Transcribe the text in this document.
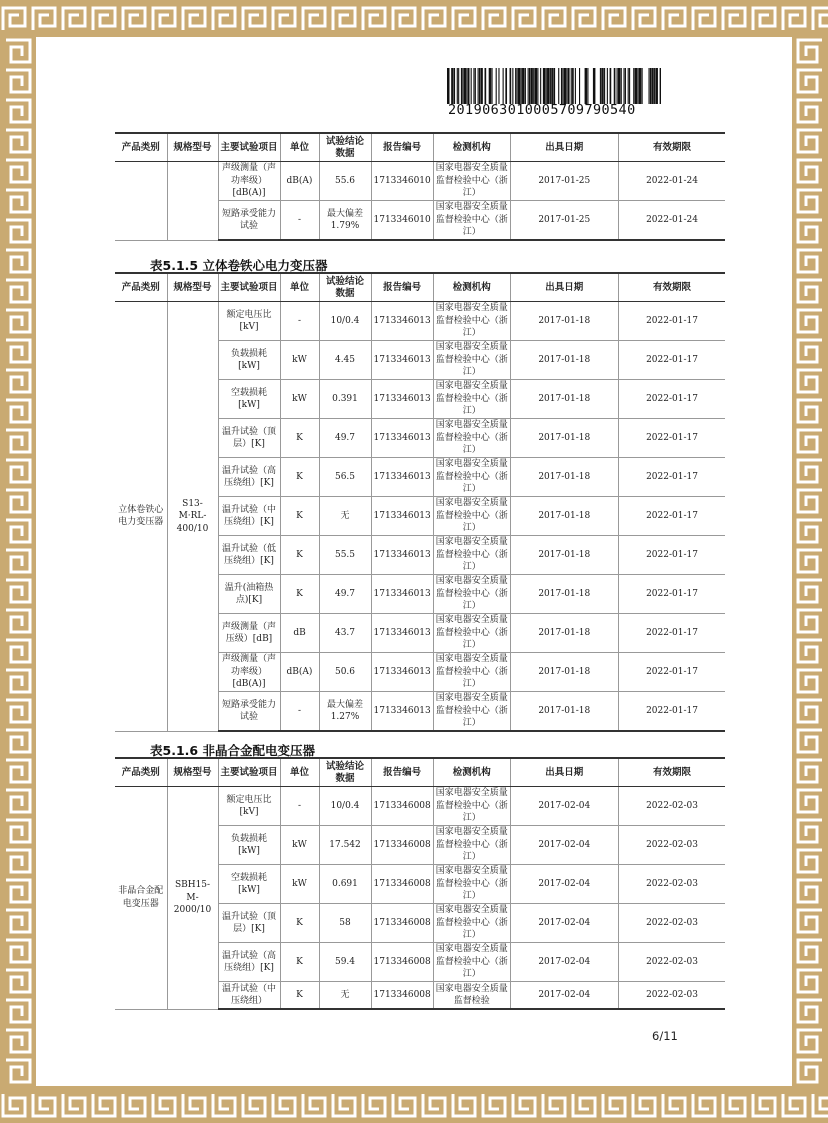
2019063010005709790540
产品类别	规格型号	主要试验项目	单位	试验结论数据	报告编号	检测机构	出具日期	有效期限
		声级测量（声功率级）[dB(A)]	dB(A)	55.6	1713346010	国家电器安全质量监督检验中心（浙江）	2017-01-25	2022-01-24
		短路承受能力试验	-	最大偏差1.79%	1713346010	国家电器安全质量监督检验中心（浙江）	2017-01-25	2022-01-24
表5.1.5 立体卷铁心电力变压器
产品类别	规格型号	主要试验项目	单位	试验结论数据	报告编号	检测机构	出具日期	有效期限
立体卷铁心电力变压器	S13-M·RL-400/10	额定电压比[kV]	-	10/0.4	1713346013	国家电器安全质量监督检验中心（浙江）	2017-01-18	2022-01-17
		负载损耗[kW]	kW	4.45	1713346013	国家电器安全质量监督检验中心（浙江）	2017-01-18	2022-01-17
		空载损耗[kW]	kW	0.391	1713346013	国家电器安全质量监督检验中心（浙江）	2017-01-18	2022-01-17
		温升试验（顶层）[K]	K	49.7	1713346013	国家电器安全质量监督检验中心（浙江）	2017-01-18	2022-01-17
		温升试验（高压绕组）[K]	K	56.5	1713346013	国家电器安全质量监督检验中心（浙江）	2017-01-18	2022-01-17
		温升试验（中压绕组）[K]	K	无	1713346013	国家电器安全质量监督检验中心（浙江）	2017-01-18	2022-01-17
		温升试验（低压绕组）[K]	K	55.5	1713346013	国家电器安全质量监督检验中心（浙江）	2017-01-18	2022-01-17
		温升(油箱热点)[K]	K	49.7	1713346013	国家电器安全质量监督检验中心（浙江）	2017-01-18	2022-01-17
		声级测量（声压级）[dB]	dB	43.7	1713346013	国家电器安全质量监督检验中心（浙江）	2017-01-18	2022-01-17
		声级测量（声功率级）[dB(A)]	dB(A)	50.6	1713346013	国家电器安全质量监督检验中心（浙江）	2017-01-18	2022-01-17
		短路承受能力试验	-	最大偏差1.27%	1713346013	国家电器安全质量监督检验中心（浙江）	2017-01-18	2022-01-17
表5.1.6 非晶合金配电变压器
产品类别	规格型号	主要试验项目	单位	试验结论数据	报告编号	检测机构	出具日期	有效期限
非晶合金配电变压器	SBH15-M-2000/10	额定电压比[kV]	-	10/0.4	1713346008	国家电器安全质量监督检验中心（浙江）	2017-02-04	2022-02-03
		负载损耗[kW]	kW	17.542	1713346008	国家电器安全质量监督检验中心（浙江）	2017-02-04	2022-02-03
		空载损耗[kW]	kW	0.691	1713346008	国家电器安全质量监督检验中心（浙江）	2017-02-04	2022-02-03
		温升试验（顶层）[K]	K	58	1713346008	国家电器安全质量监督检验中心（浙江）	2017-02-04	2022-02-03
		温升试验（高压绕组）[K]	K	59.4	1713346008	国家电器安全质量监督检验中心（浙江）	2017-02-04	2022-02-03
		温升试验（中压绕组）	K	无	1713346008	国家电器安全质量监督检验	2017-02-04	2022-02-03
6/11
